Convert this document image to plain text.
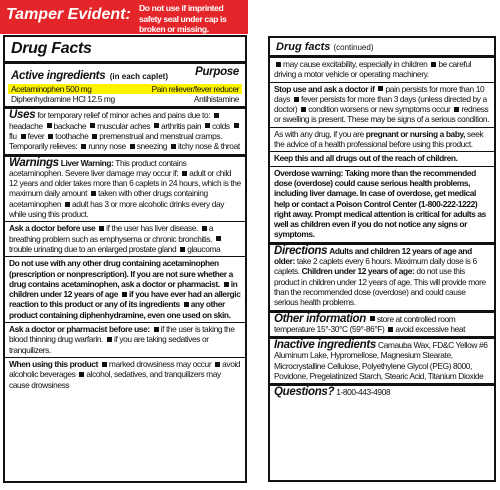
Tamper Evident: Do not use if imprinted safety seal under cap is broken or missing.
Drug Facts
Active ingredients (in each caplet) Purpose
Acetaminophen 500 mg	Pain reliever/fever reducer
Diphenhydramine HCl 12.5 mg	Antihistamine

Uses for temporary relief of minor aches and pains due to: headache backache muscular aches arthritis pain colds flu fever toothache premenstrual and menstrual cramps. Temporarily relieves: runny nose sneezing itchy nose & throat

Warnings Liver Warning: This product contains acetaminophen. Severe liver damage may occur if: adult or child 12 years and older takes more than 6 caplets in 24 hours, which is the maximum daily amount taken with other drugs containing acetaminophen adult has 3 or more alcoholic drinks every day while using this product.

Ask a doctor before use if the user has liver disease. a breathing problem such as emphysema or chronic bronchitis. trouble urinating due to an enlarged prostate gland glaucoma

Do not use with any other drug containing acetaminophen (prescription or nonprescription). If you are not sure whether a drug contains acetaminophen, ask a doctor or pharmacist. in children under 12 years of age if you have ever had an allergic reaction to this product or any of its ingredients any other product containing diphenhydramine, even one used on skin.

Ask a doctor or pharmacist before use: if the user is taking the blood thinning drug warfarin. if you are taking sedatives or tranquilizers.

When using this product marked drowsiness may occur avoid alcoholic beverages alcohol, sedatives, and tranquilizers may cause drowsiness

Drug facts (continued)

may cause excitability, especially in children be careful driving a motor vehicle or operating machinery.

Stop use and ask a doctor if pain persists for more than 10 days fever persists for more than 3 days (unless directed by a doctor) condition worsens or new symptoms occur redness or swelling is present. These may be signs of a serious condition.

As with any drug, if you are pregnant or nursing a baby, seek the advice of a health professional before using this product.

Keep this and all drugs out of the reach of children.

Overdose warning: Taking more than the recommended dose (overdose) could cause serious health problems, including liver damage. In case of overdose, get medical help or contact a Poison Control Center (1-800-222-1222) right away. Prompt medical attention is critical for adults as well as children even if you do not notice any signs or symptoms.

Directions Adults and children 12 years of age and older: take 2 caplets every 6 hours. Maximum daily dose is 6 caplets. Children under 12 years of age: do not use this product in children under 12 years of age. This will provide more than the recommended dose (overdose) and could cause serious health problems.

Other information store at controlled room temperature 15°-30°C (59°-86°F) avoid excessive heat

Inactive ingredients Carnauba Wax, FD&C Yellow #6 Aluminum Lake, Hypromellose, Magnesium Stearate, Microcrystalline Cellulose, Polyethylene Glycol (PEG) 8000, Povidone, Pregelatinized Starch, Stearic Acid, Titanium Dioxide

Questions? 1-800-443-4908
